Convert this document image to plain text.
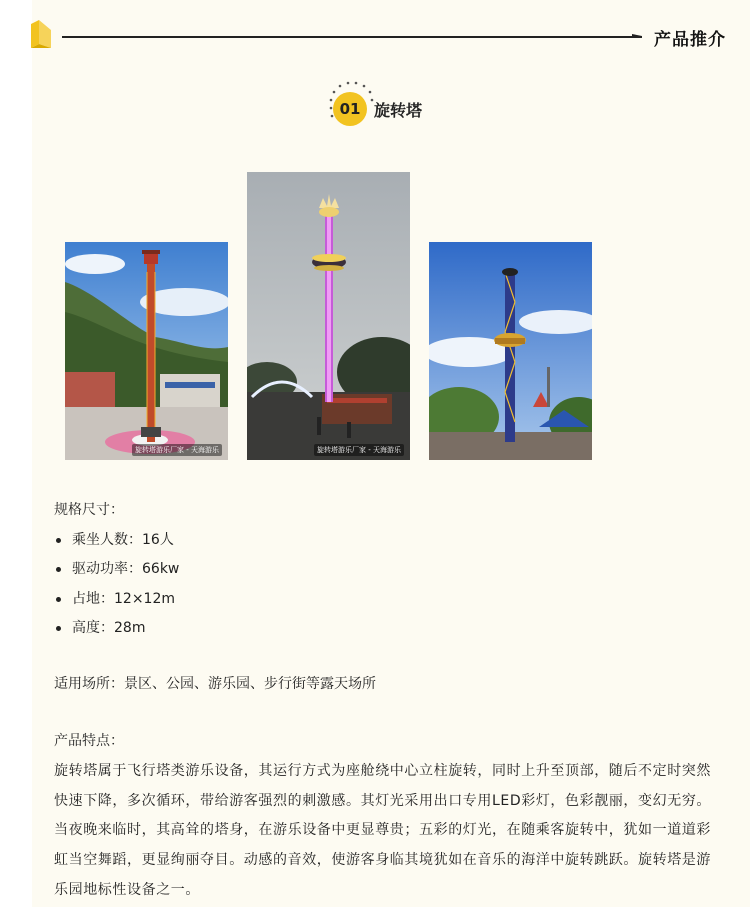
产品推介
01 旋转塔
旋转塔游乐厂家 - 天海游乐	旋转塔游乐厂家 - 天海游乐
规格尺寸：
乘坐人数：16人
驱动功率：66kw
占地：12×12m
高度：28m
适用场所：景区、公园、游乐园、步行街等露天场所
产品特点：

旋转塔属于飞行塔类游乐设备，其运行方式为座舱绕中心立柱旋转，同时上升至顶部，随后不定时突然快速下降，多次循环，带给游客强烈的刺激感。其灯光采用出口专用LED彩灯，色彩靓丽，变幻无穷。当夜晚来临时，其高耸的塔身，在游乐设备中更显尊贵；五彩的灯光，在随乘客旋转中，犹如一道道彩虹当空舞蹈，更显绚丽夺目。动感的音效，使游客身临其境犹如在音乐的海洋中旋转跳跃。旋转塔是游乐园地标性设备之一。
